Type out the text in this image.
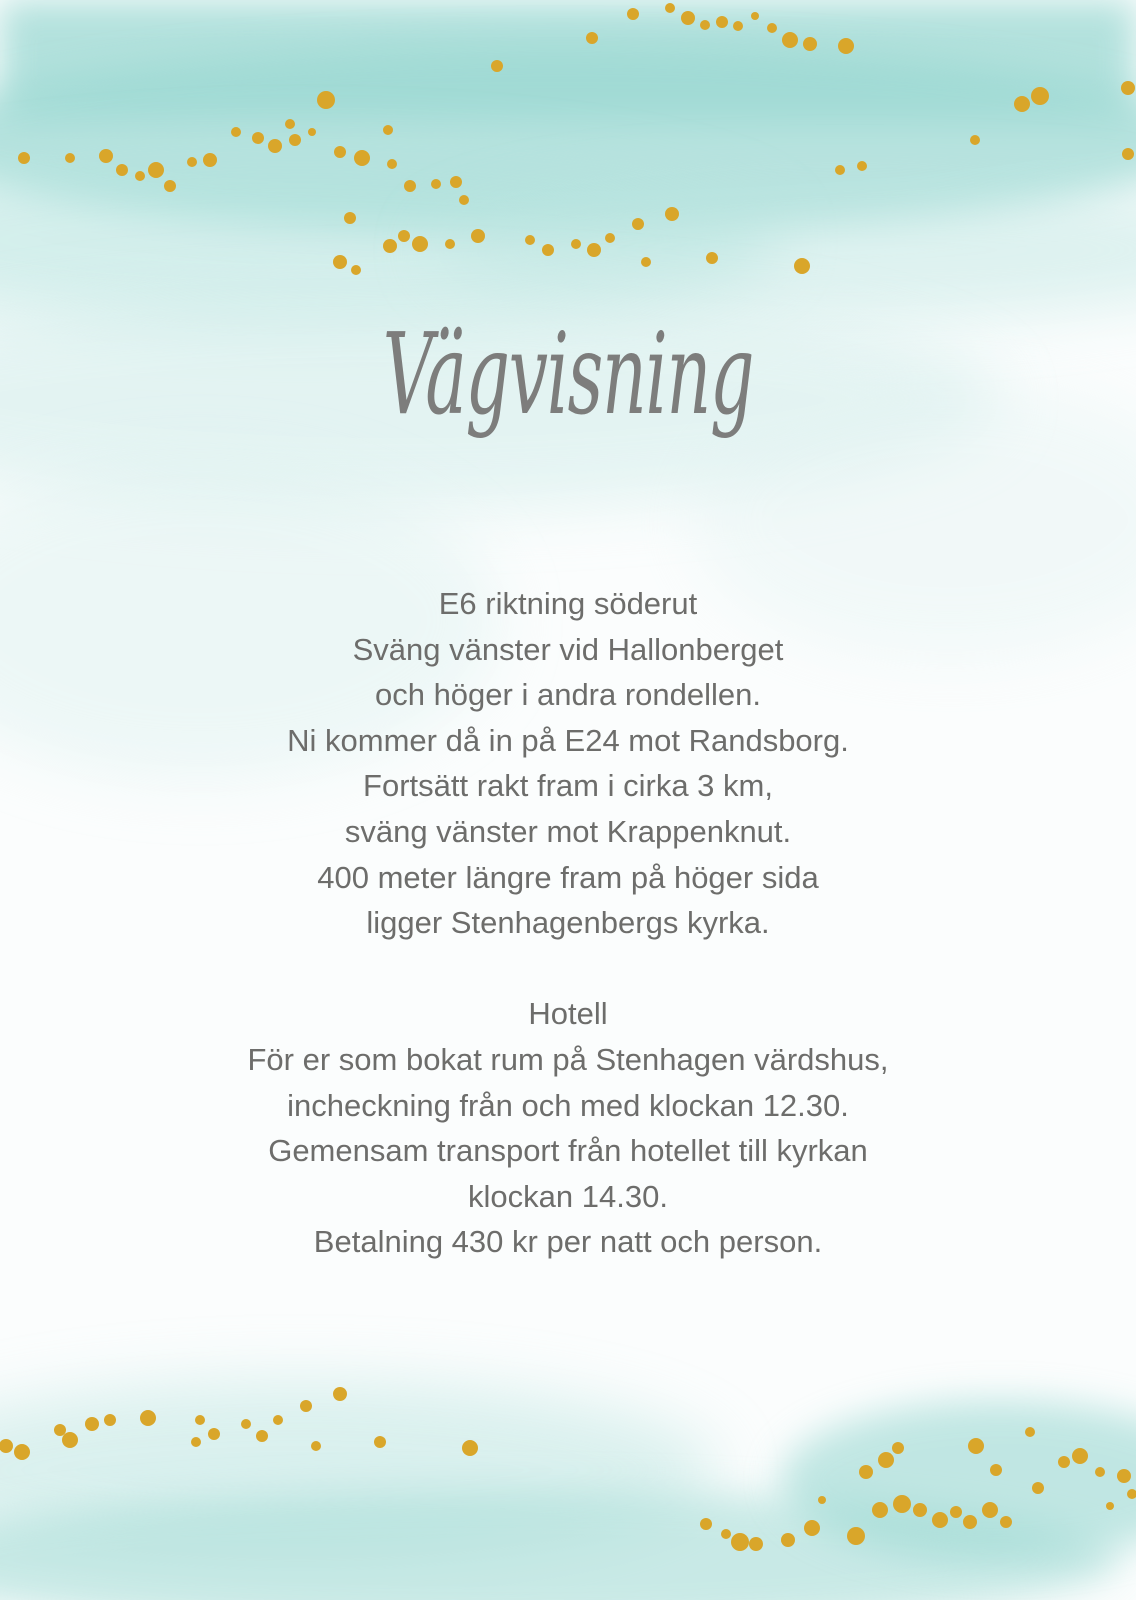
Vägvisning

E6 riktning söderut
Sväng vänster vid Hallonberget
och höger i andra rondellen.
Ni kommer då in på E24 mot Randsborg.
Fortsätt rakt fram i cirka 3 km,
sväng vänster mot Krappenknut.
400 meter längre fram på höger sida
ligger Stenhagenbergs kyrka.

Hotell
För er som bokat rum på Stenhagen värdshus,
incheckning från och med klockan 12.30.
Gemensam transport från hotellet till kyrkan
klockan 14.30.
Betalning 430 kr per natt och person.
